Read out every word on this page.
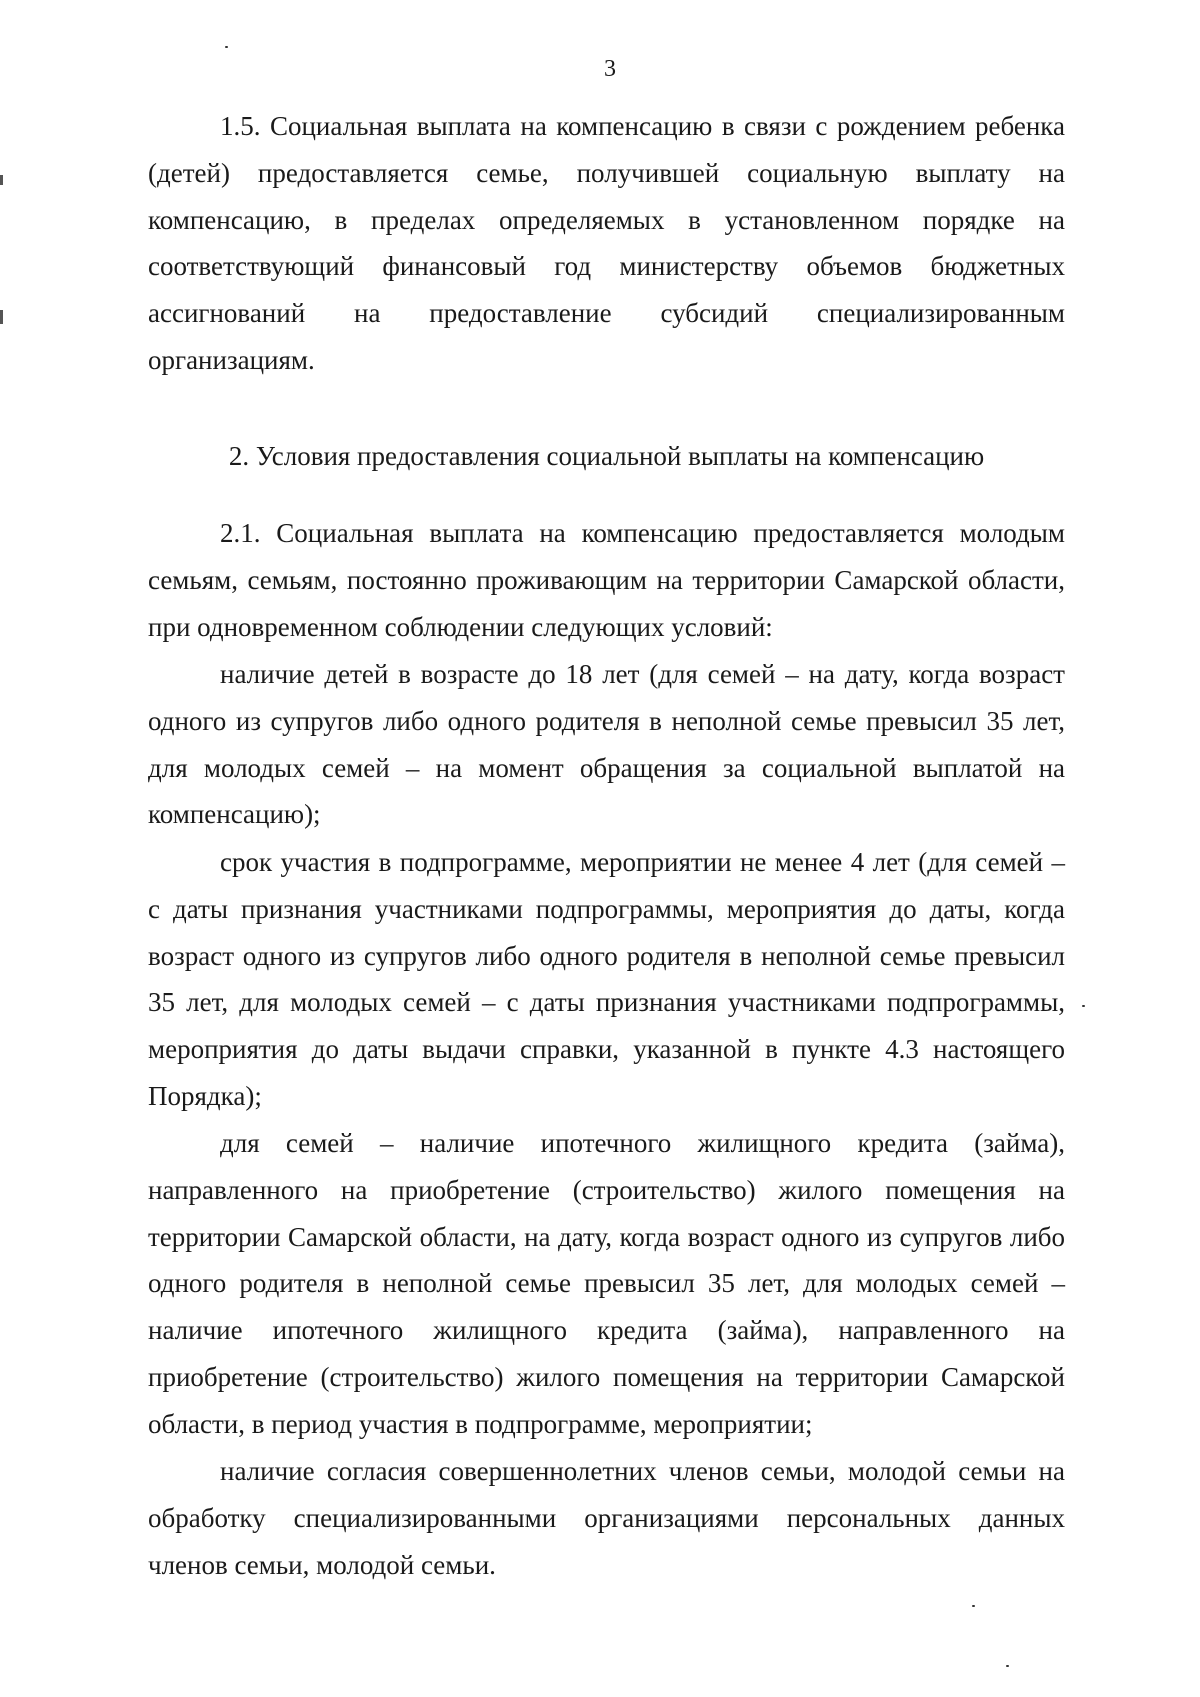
3

1.5. Социальная выплата на компенсацию в связи с рождением ребенка (детей) предоставляется семье, получившей социальную выплату на компенсацию, в пределах определяемых в установленном порядке на соответствующий финансовый год министерству объемов бюджетных ассигнований на предоставление субсидий специализированным организациям.

2. Условия предоставления социальной выплаты на компенсацию

2.1. Социальная выплата на компенсацию предоставляется молодым семьям, семьям, постоянно проживающим на территории Самарской области, при одновременном соблюдении следующих условий:

наличие детей в возрасте до 18 лет (для семей – на дату, когда возраст одного из супругов либо одного родителя в неполной семье превысил 35 лет, для молодых семей – на момент обращения за социальной выплатой на компенсацию);

срок участия в подпрограмме, мероприятии не менее 4 лет (для семей – с даты признания участниками подпрограммы, мероприятия до даты, когда возраст одного из супругов либо одного родителя в неполной семье превысил 35 лет, для молодых семей – с даты признания участниками подпрограммы, мероприятия до даты выдачи справки, указанной в пункте 4.3 настоящего Порядка);

для семей – наличие ипотечного жилищного кредита (займа), направленного на приобретение (строительство) жилого помещения на территории Самарской области, на дату, когда возраст одного из супругов либо одного родителя в неполной семье превысил 35 лет, для молодых семей – наличие ипотечного жилищного кредита (займа), направленного на приобретение (строительство) жилого помещения на территории Самарской области, в период участия в подпрограмме, мероприятии;

наличие согласия совершеннолетних членов семьи, молодой семьи на обработку специализированными организациями персональных данных членов семьи, молодой семьи.
